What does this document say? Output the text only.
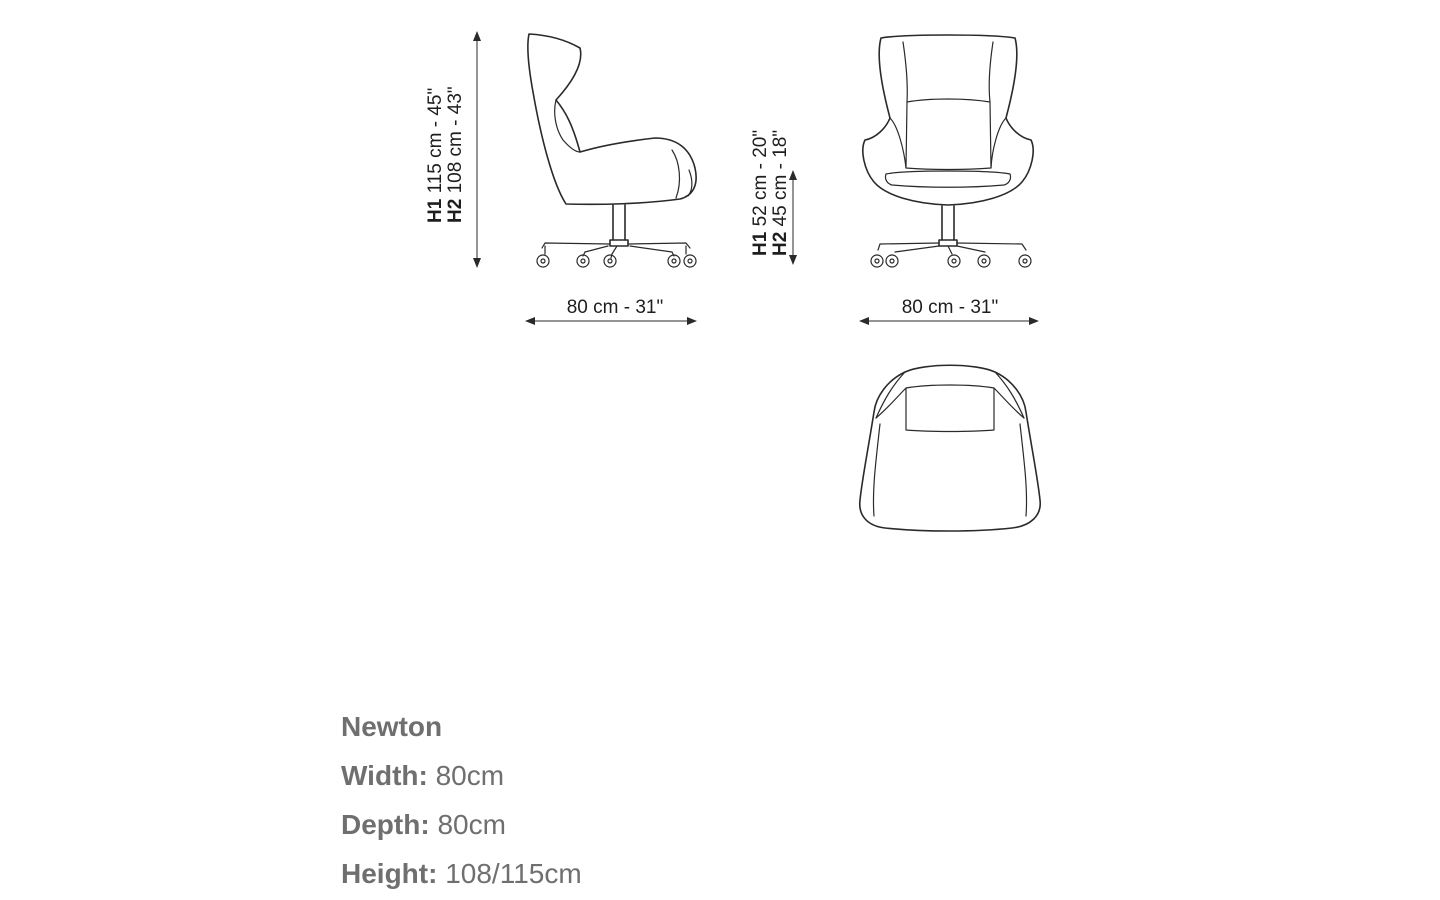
H1 115 cm - 45"
H2 108 cm - 43"
80 cm - 31"
H1 52 cm - 20"
H2 45 cm - 18"
80 cm - 31"
Newton
Width: 80cm
Depth: 80cm
Height: 108/115cm
